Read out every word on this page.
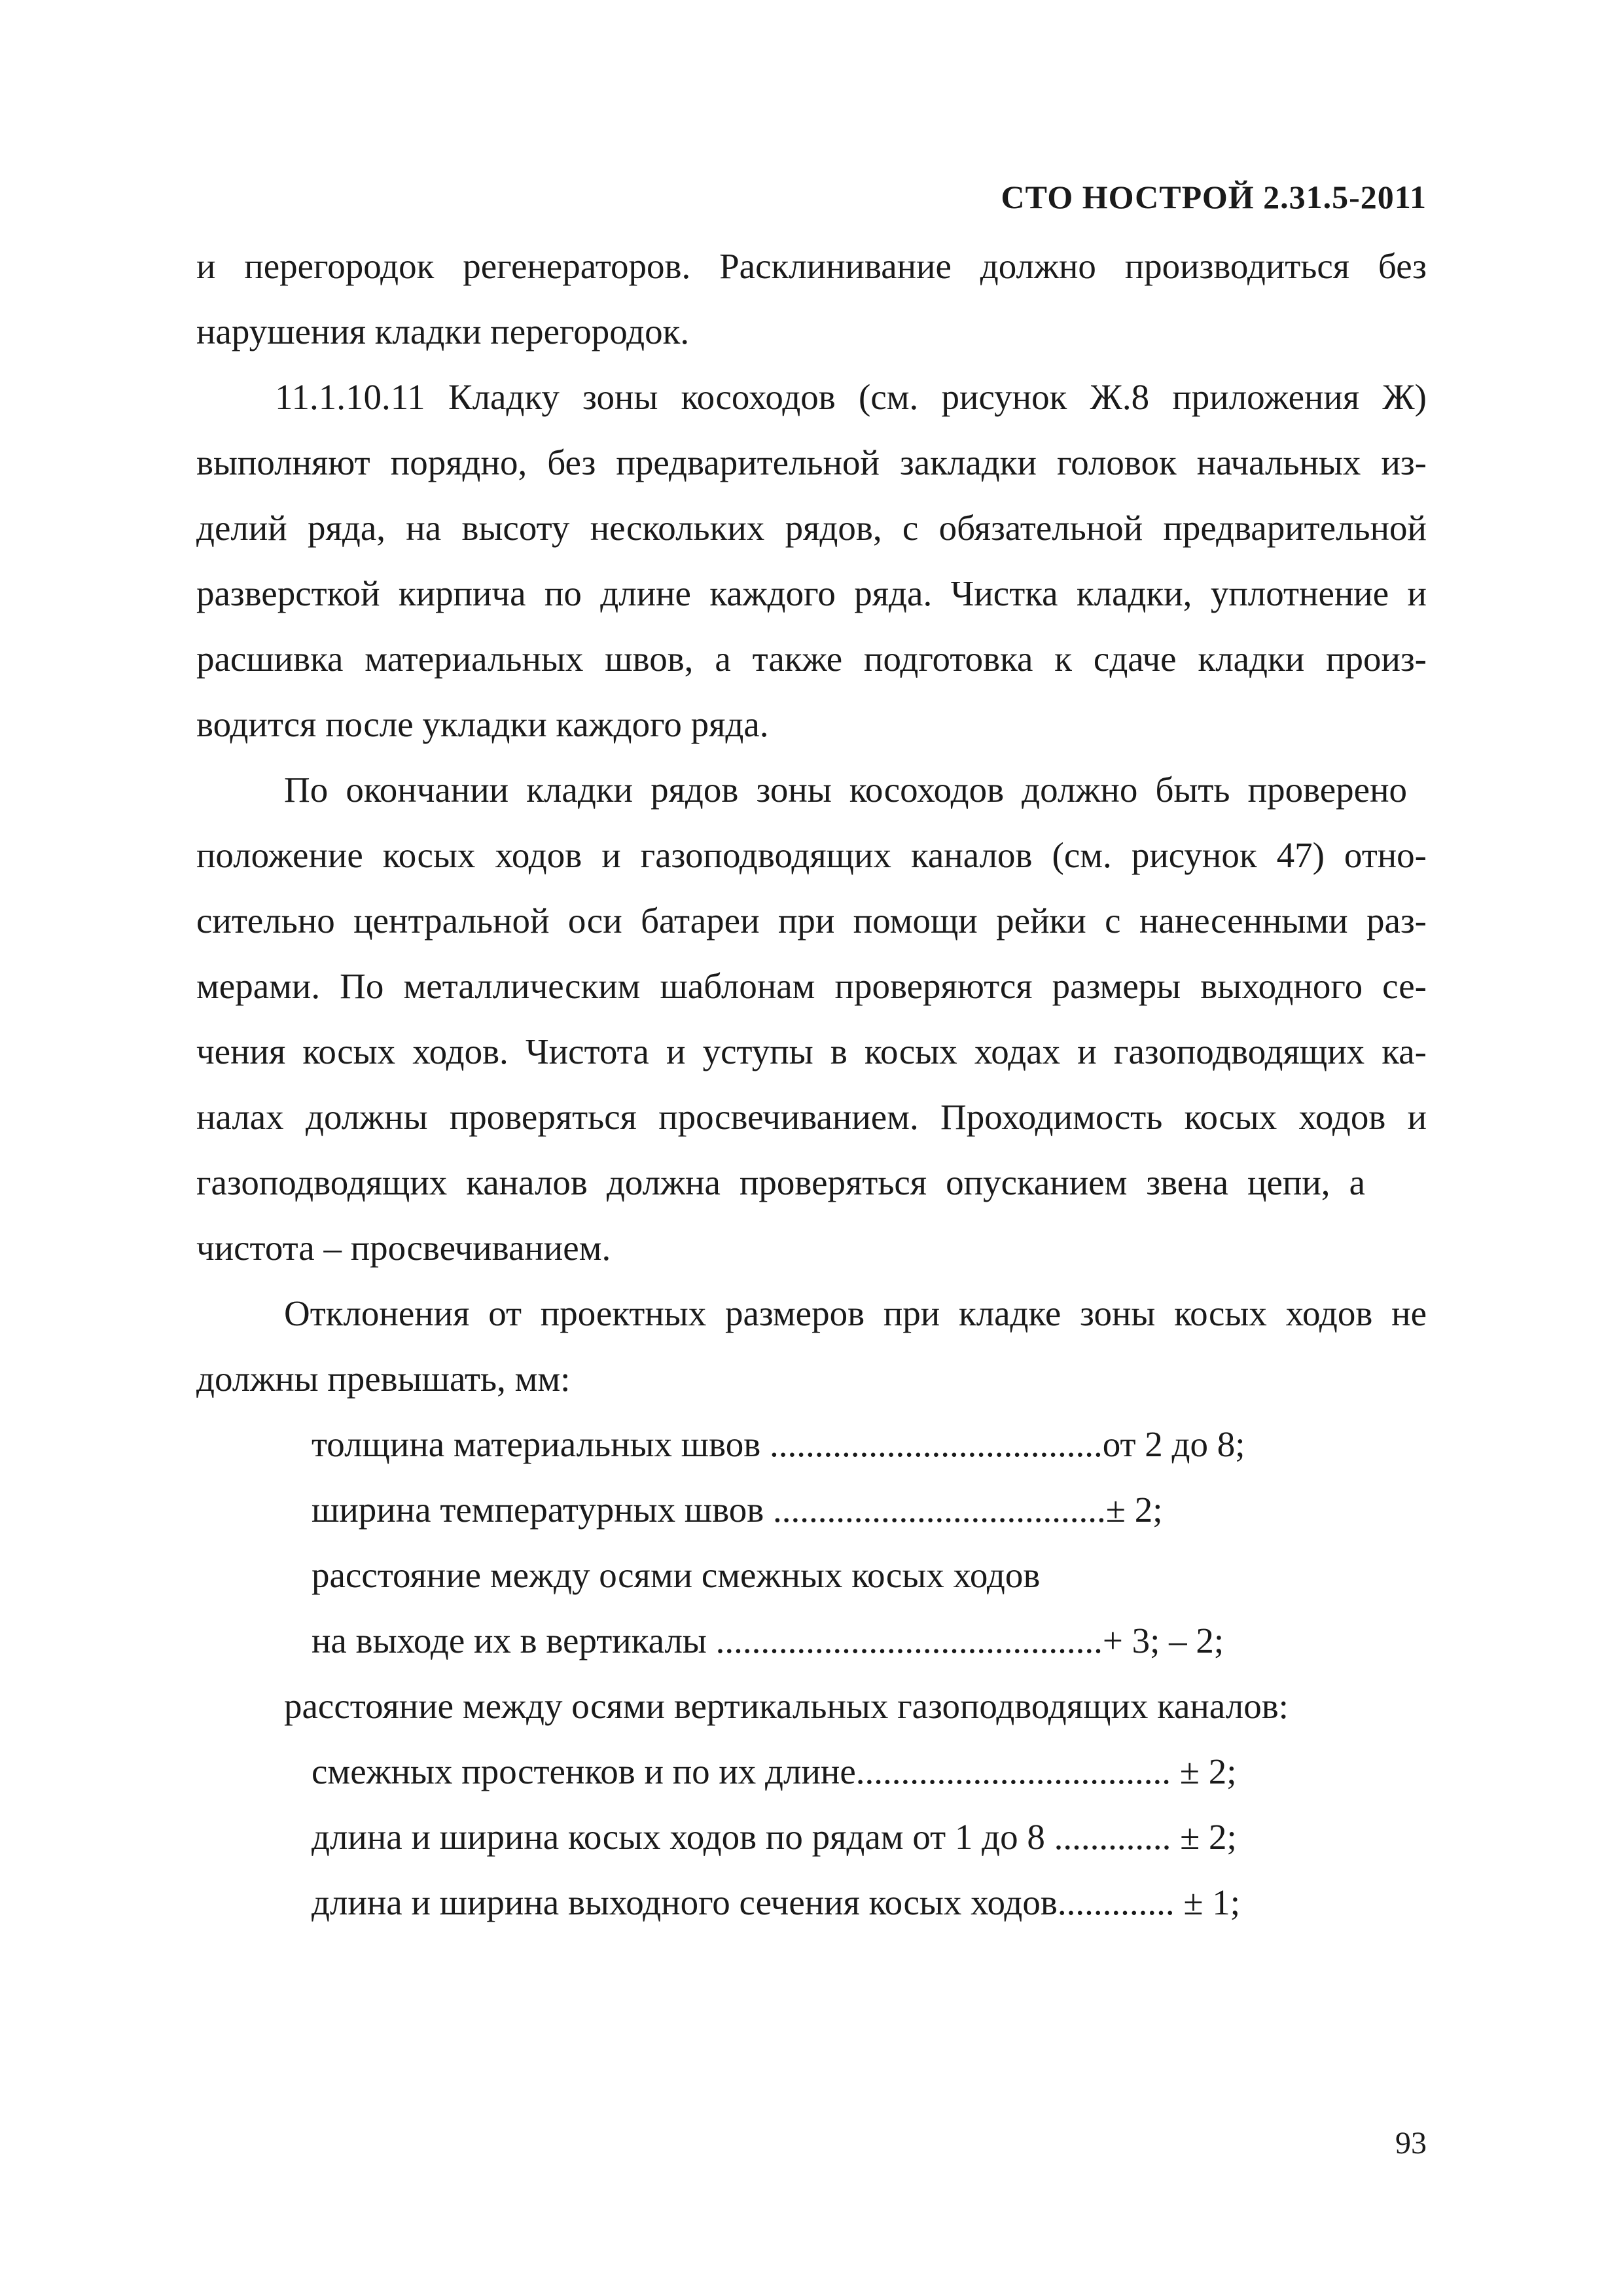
СТО НОСТРОЙ 2.31.5-2011
и перегородок регенераторов. Расклинивание должно производиться без
нарушения кладки перегородок.
11.1.10.11 Кладку зоны косоходов (см. рисунок Ж.8 приложения Ж)
выполняют порядно, без предварительной закладки головок начальных из-
делий ряда, на высоту нескольких рядов, с обязательной предварительной
разверсткой кирпича по длине каждого ряда. Чистка кладки, уплотнение и
расшивка материальных швов, а также подготовка к сдаче кладки произ-
водится после укладки каждого ряда.
По окончании кладки рядов зоны косоходов должно быть проверено
положение косых ходов и газоподводящих каналов (см. рисунок 47) отно-
сительно центральной оси батареи при помощи рейки с нанесенными раз-
мерами. По металлическим шаблонам проверяются размеры выходного се-
чения косых ходов. Чистота и уступы в косых ходах и газоподводящих ка-
налах должны проверяться просвечиванием. Проходимость косых ходов и
газоподводящих каналов должна проверяться опусканием звена цепи, а
чистота – просвечиванием.
Отклонения от проектных размеров при кладке зоны косых ходов не
должны превышать, мм:
толщина материальных швов .....................................от 2 до 8;
ширина температурных швов .....................................± 2;
расстояние между осями смежных косых ходов
на выходе их в вертикалы ...........................................+ 3; – 2;
расстояние между осями вертикальных газоподводящих каналов:
смежных простенков и по их длине................................... ± 2;
длина и ширина косых ходов по рядам от 1 до 8 ............. ± 2;
длина и ширина выходного сечения косых ходов............. ± 1;
93
